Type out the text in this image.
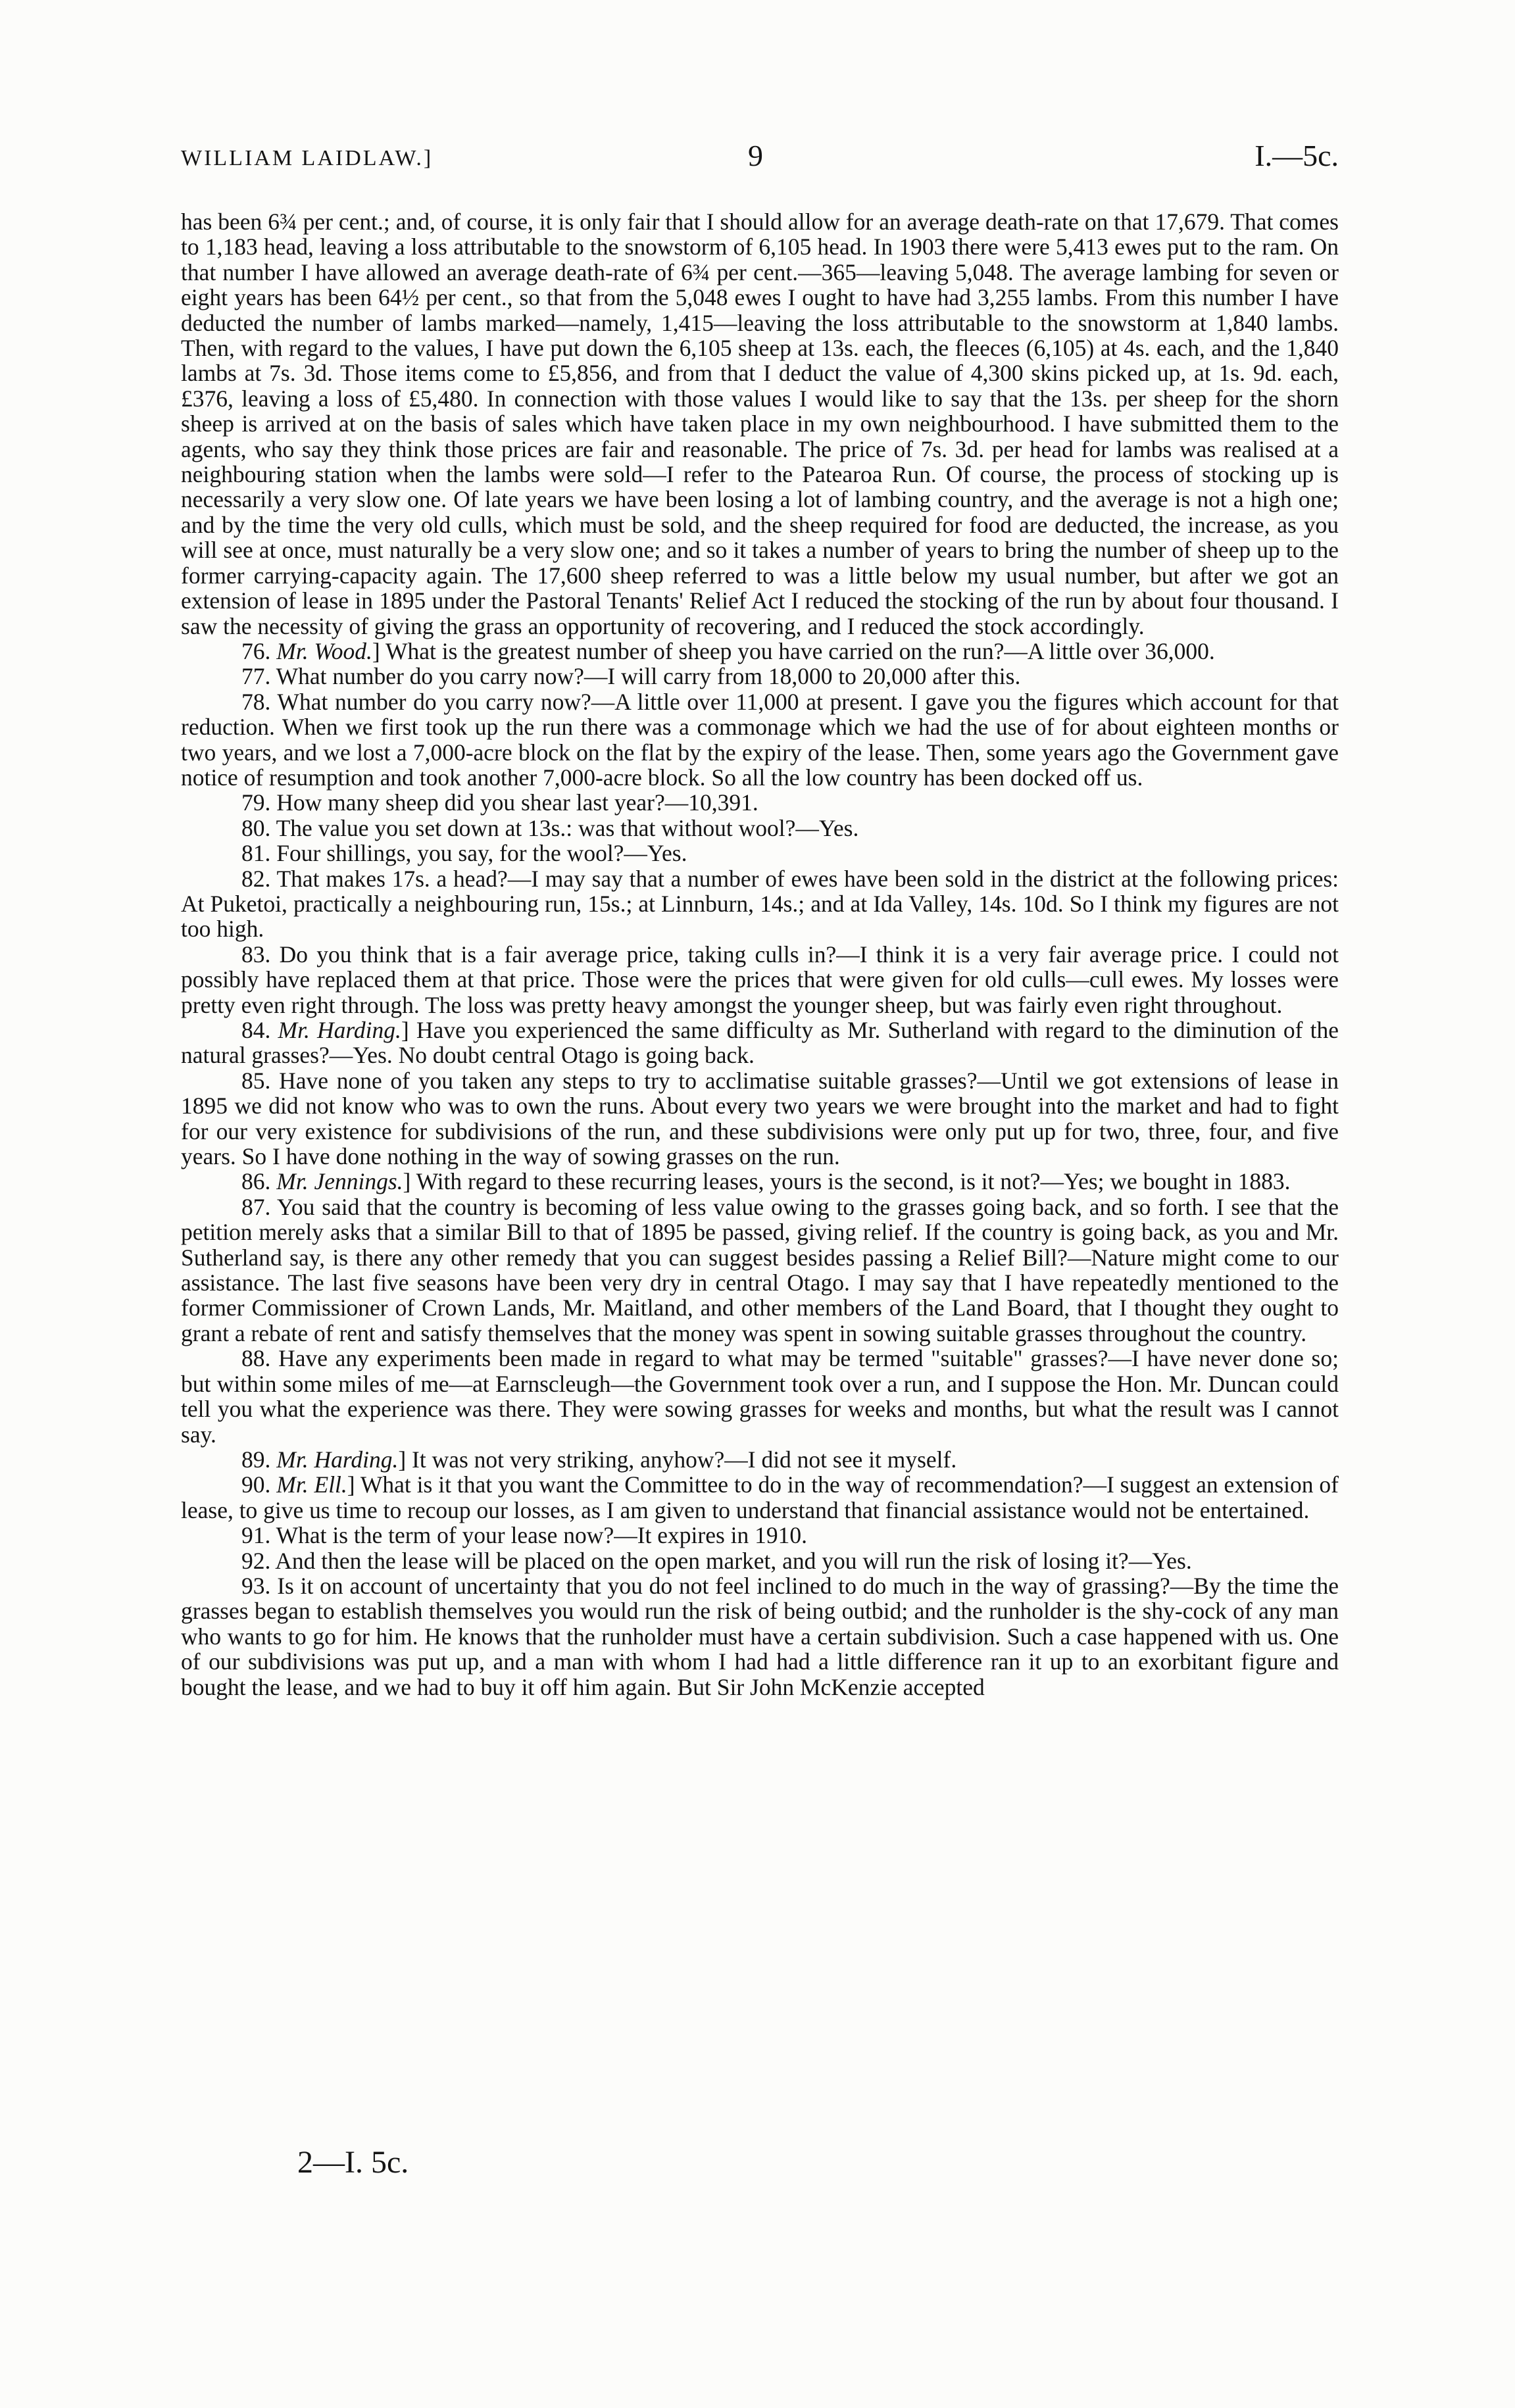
WILLIAM LAIDLAW.]	9	I.—5c.

has been 6¾ per cent.; and, of course, it is only fair that I should allow for an average death-rate on that 17,679. That comes to 1,183 head, leaving a loss attributable to the snowstorm of 6,105 head. In 1903 there were 5,413 ewes put to the ram. On that number I have allowed an average death-rate of 6¾ per cent.—365—leaving 5,048. The average lambing for seven or eight years has been 64½ per cent., so that from the 5,048 ewes I ought to have had 3,255 lambs. From this number I have deducted the number of lambs marked—namely, 1,415—leaving the loss attributable to the snowstorm at 1,840 lambs. Then, with regard to the values, I have put down the 6,105 sheep at 13s. each, the fleeces (6,105) at 4s. each, and the 1,840 lambs at 7s. 3d. Those items come to £5,856, and from that I deduct the value of 4,300 skins picked up, at 1s. 9d. each, £376, leaving a loss of £5,480. In connection with those values I would like to say that the 13s. per sheep for the shorn sheep is arrived at on the basis of sales which have taken place in my own neighbourhood. I have submitted them to the agents, who say they think those prices are fair and reasonable. The price of 7s. 3d. per head for lambs was realised at a neighbouring station when the lambs were sold—I refer to the Patearoa Run. Of course, the process of stocking up is necessarily a very slow one. Of late years we have been losing a lot of lambing country, and the average is not a high one; and by the time the very old culls, which must be sold, and the sheep required for food are deducted, the increase, as you will see at once, must naturally be a very slow one; and so it takes a number of years to bring the number of sheep up to the former carrying-capacity again. The 17,600 sheep referred to was a little below my usual number, but after we got an extension of lease in 1895 under the Pastoral Tenants' Relief Act I reduced the stocking of the run by about four thousand. I saw the necessity of giving the grass an opportunity of recovering, and I reduced the stock accordingly.

76. Mr. Wood.] What is the greatest number of sheep you have carried on the run?—A little over 36,000.

77. What number do you carry now?—I will carry from 18,000 to 20,000 after this.

78. What number do you carry now?—A little over 11,000 at present. I gave you the figures which account for that reduction. When we first took up the run there was a commonage which we had the use of for about eighteen months or two years, and we lost a 7,000-acre block on the flat by the expiry of the lease. Then, some years ago the Government gave notice of resumption and took another 7,000-acre block. So all the low country has been docked off us.

79. How many sheep did you shear last year?—10,391.

80. The value you set down at 13s.: was that without wool?—Yes.

81. Four shillings, you say, for the wool?—Yes.

82. That makes 17s. a head?—I may say that a number of ewes have been sold in the district at the following prices: At Puketoi, practically a neighbouring run, 15s.; at Linnburn, 14s.; and at Ida Valley, 14s. 10d. So I think my figures are not too high.

83. Do you think that is a fair average price, taking culls in?—I think it is a very fair average price. I could not possibly have replaced them at that price. Those were the prices that were given for old culls—cull ewes. My losses were pretty even right through. The loss was pretty heavy amongst the younger sheep, but was fairly even right throughout.

84. Mr. Harding.] Have you experienced the same difficulty as Mr. Sutherland with regard to the diminution of the natural grasses?—Yes. No doubt central Otago is going back.

85. Have none of you taken any steps to try to acclimatise suitable grasses?—Until we got extensions of lease in 1895 we did not know who was to own the runs. About every two years we were brought into the market and had to fight for our very existence for subdivisions of the run, and these subdivisions were only put up for two, three, four, and five years. So I have done nothing in the way of sowing grasses on the run.

86. Mr. Jennings.] With regard to these recurring leases, yours is the second, is it not?—Yes; we bought in 1883.

87. You said that the country is becoming of less value owing to the grasses going back, and so forth. I see that the petition merely asks that a similar Bill to that of 1895 be passed, giving relief. If the country is going back, as you and Mr. Sutherland say, is there any other remedy that you can suggest besides passing a Relief Bill?—Nature might come to our assistance. The last five seasons have been very dry in central Otago. I may say that I have repeatedly mentioned to the former Commissioner of Crown Lands, Mr. Maitland, and other members of the Land Board, that I thought they ought to grant a rebate of rent and satisfy themselves that the money was spent in sowing suitable grasses throughout the country.

88. Have any experiments been made in regard to what may be termed "suitable" grasses?—I have never done so; but within some miles of me—at Earnscleugh—the Government took over a run, and I suppose the Hon. Mr. Duncan could tell you what the experience was there. They were sowing grasses for weeks and months, but what the result was I cannot say.

89. Mr. Harding.] It was not very striking, anyhow?—I did not see it myself.

90. Mr. Ell.] What is it that you want the Committee to do in the way of recommendation?—I suggest an extension of lease, to give us time to recoup our losses, as I am given to understand that financial assistance would not be entertained.

91. What is the term of your lease now?—It expires in 1910.

92. And then the lease will be placed on the open market, and you will run the risk of losing it?—Yes.

93. Is it on account of uncertainty that you do not feel inclined to do much in the way of grassing?—By the time the grasses began to establish themselves you would run the risk of being outbid; and the runholder is the shy-cock of any man who wants to go for him. He knows that the runholder must have a certain subdivision. Such a case happened with us. One of our subdivisions was put up, and a man with whom I had had a little difference ran it up to an exorbitant figure and bought the lease, and we had to buy it off him again. But Sir John McKenzie accepted

2—I. 5c.
